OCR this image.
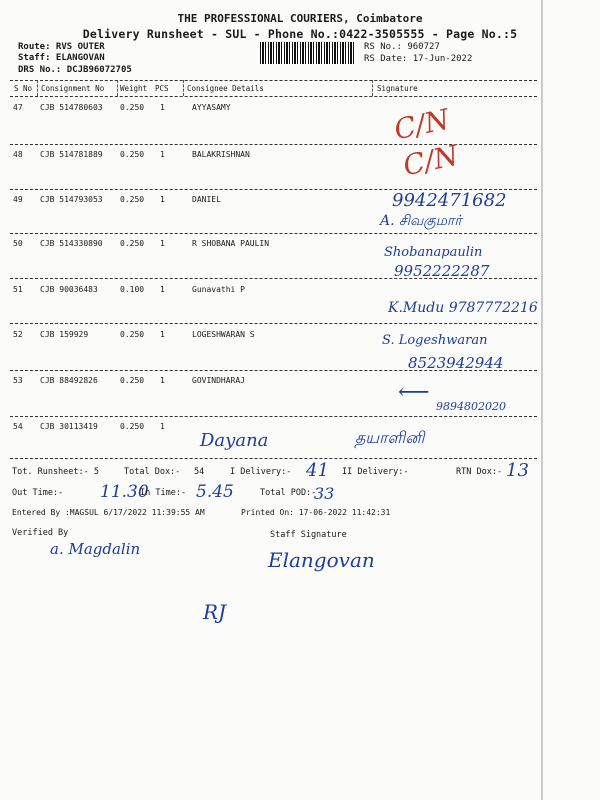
THE PROFESSIONAL COURIERS, Coimbatore
Delivery Runsheet - SUL - Phone No.:0422-3505555 - Page No.:5
Route: RVS OUTER
Staff: ELANGOVAN
DRS No.: DCJB96072705
RS No.: 960727
RS Date: 17-Jun-2022
S No Consignment No Weight PCS Consignee Details	Signature
47 CJB 514780603 0.250 1	AYYASAMY	C/N
48 CJB 514781889 0.250 1	BALAKRISHNAN	C/N
49 CJB 514793053 0.250 1	DANIEL	9942471682
A. சிவகுமார்
50 CJB 514330890 0.250 1	R SHOBANA PAULIN
Shobanapaulin
9952222287
51 CJB 90036483	0.100 1	Gunavathi P
K.Mudu 9787772216
52 CJB 159929	0.250 1	LOGESHWARAN S	S. Logeshwaran
8523942944
53 CJB 88492826	0.250 1	GOVINDHARAJ	⟵
9894802020
54 CJB 30113419	0.250 1
Dayana	தயாளினி
Tot. Runsheet:- 5	Total Dox:- 54	I Delivery:- 41 II Delivery:-	RTN Dox:- 13
Out Time:- 11.30
In Time:- 5.45	Total POD:-
33
Entered By :MAGSUL 6/17/2022 11:39:55 AM	Printed On: 17-06-2022 11:42:31
Verified By
a. Magdalin
Staff Signature
Elangovan
RJ
